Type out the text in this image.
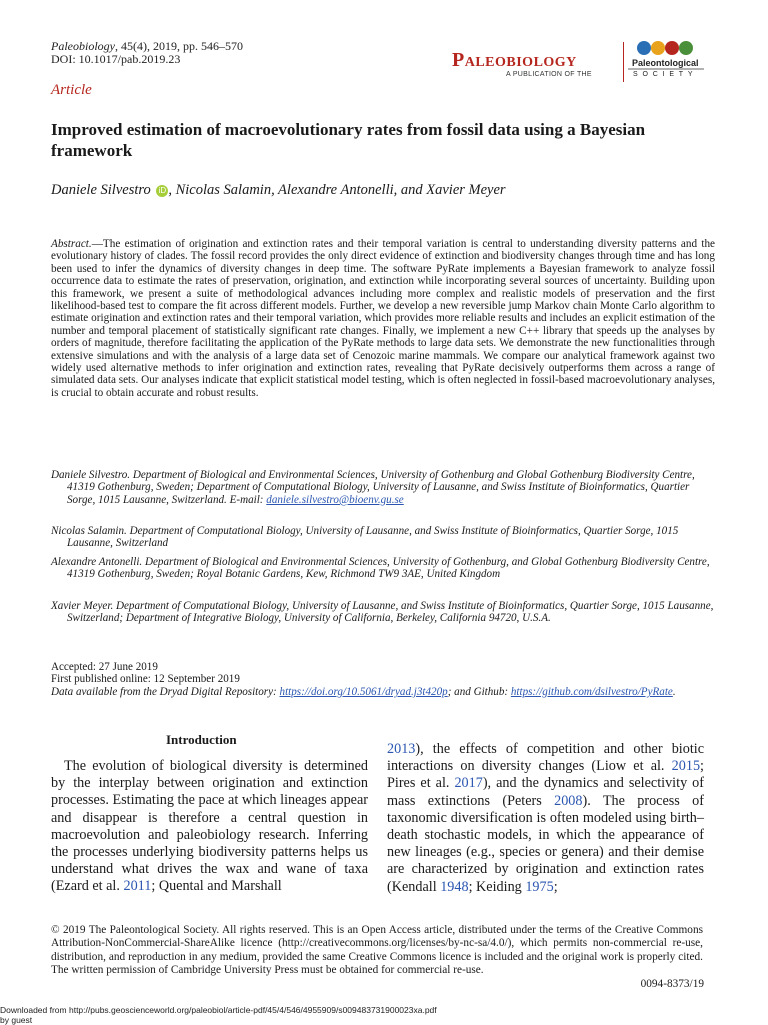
Paleobiology, 45(4), 2019, pp. 546–570
DOI: 10.1017/pab.2019.23	Paleobiology
A PUBLICATION OF THE
Paleontological
SOCIETY
Article
Improved estimation of macroevolutionary rates from fossil data using a Bayesian framework
Daniele Silvestro iD , Nicolas Salamin, Alexandre Antonelli, and Xavier Meyer
Abstract.—The estimation of origination and extinction rates and their temporal variation is central to understanding diversity patterns and the evolutionary history of clades. The fossil record provides the only direct evidence of extinction and biodiversity changes through time and has long been used to infer the dynamics of diversity changes in deep time. The software PyRate implements a Bayesian framework to analyze fossil occurrence data to estimate the rates of preservation, origination, and extinction while incorporating several sources of uncertainty. Building upon this framework, we present a suite of methodological advances including more complex and realistic models of preservation and the first likelihood-based test to compare the fit across different models. Further, we develop a new reversible jump Markov chain Monte Carlo algorithm to estimate origination and extinction rates and their temporal variation, which provides more reliable results and includes an explicit estimation of the number and temporal placement of statistically significant rate changes. Finally, we implement a new C++ library that speeds up the analyses by orders of magnitude, therefore facilitating the application of the PyRate methods to large data sets. We demonstrate the new functionalities through extensive simulations and with the analysis of a large data set of Cenozoic marine mammals. We compare our analytical framework against two widely used alternative methods to infer origination and extinction rates, revealing that PyRate decisively outperforms them across a range of simulated data sets. Our analyses indicate that explicit statistical model testing, which is often neglected in fossil-based macroevolutionary analyses, is crucial to obtain accurate and robust results.
Daniele Silvestro. Department of Biological and Environmental Sciences, University of Gothenburg and Global Gothenburg Biodiversity Centre, 41319 Gothenburg, Sweden; Department of Computational Biology, University of Lausanne, and Swiss Institute of Bioinformatics, Quartier Sorge, 1015 Lausanne, Switzerland. E-mail: daniele.silvestro@bioenv.gu.se
Nicolas Salamin. Department of Computational Biology, University of Lausanne, and Swiss Institute of Bioinformatics, Quartier Sorge, 1015 Lausanne, Switzerland
Alexandre Antonelli. Department of Biological and Environmental Sciences, University of Gothenburg, and Global Gothenburg Biodiversity Centre, 41319 Gothenburg, Sweden; Royal Botanic Gardens, Kew, Richmond TW9 3AE, United Kingdom
Xavier Meyer. Department of Computational Biology, University of Lausanne, and Swiss Institute of Bioinformatics, Quartier Sorge, 1015 Lausanne, Switzerland; Department of Integrative Biology, University of California, Berkeley, California 94720, U.S.A.
Accepted: 27 June 2019
First published online: 12 September 2019
Data available from the Dryad Digital Repository: https://doi.org/10.5061/dryad.j3t420p; and Github: https://github.com/dsilvestro/PyRate.
Introduction
The evolution of biological diversity is determined by the interplay between origination and extinction processes. Estimating the pace at which lineages appear and disappear is therefore a central question in macroevolution and paleobiology research. Inferring the processes underlying biodiversity patterns helps us understand what drives the wax and wane of taxa (Ezard et al. 2011; Quental and Marshall
2013), the effects of competition and other biotic interactions on diversity changes (Liow et al. 2015; Pires et al. 2017), and the dynamics and selectivity of mass extinctions (Peters 2008). The process of taxonomic diversification is often modeled using birth–death stochastic models, in which the appearance of new lineages (e.g., species or genera) and their demise are characterized by origination and extinction rates (Kendall 1948; Keiding 1975;
© 2019 The Paleontological Society. All rights reserved. This is an Open Access article, distributed under the terms of the Creative Commons Attribution-NonCommercial-ShareAlike licence (http://creativecommons.org/licenses/by-nc-sa/4.0/), which permits non-commercial re-use, distribution, and reproduction in any medium, provided the same Creative Commons licence is included and the original work is properly cited. The written permission of Cambridge University Press must be obtained for commercial re-use.
0094-8373/19
Downloaded from http://pubs.geoscienceworld.org/paleobiol/article-pdf/45/4/546/4955909/s009483731900023xa.pdf
by guest
